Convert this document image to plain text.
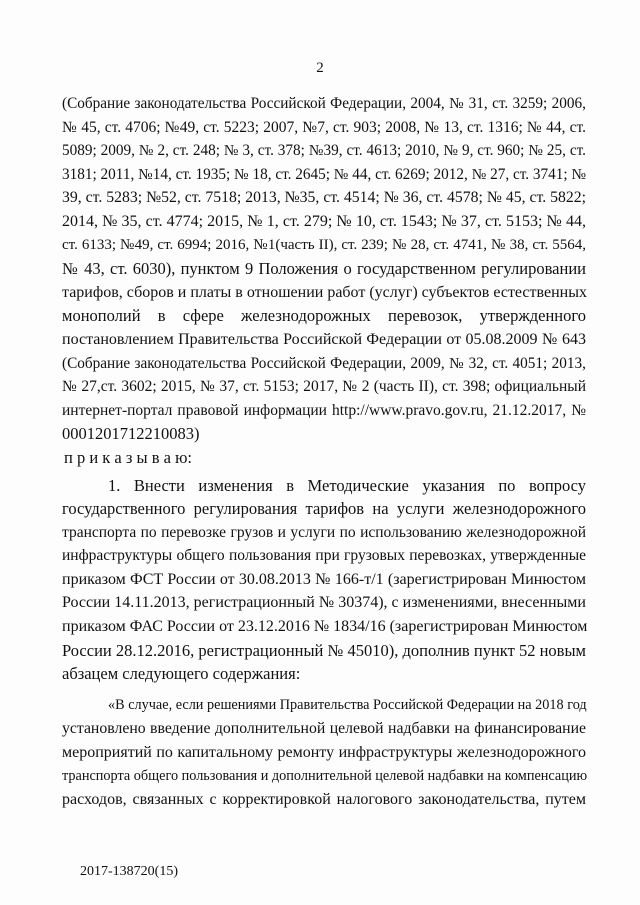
2
(Собрание законодательства Российской Федерации, 2004, № 31, ст. 3259; 2006,
№ 45, ст. 4706; №49, ст. 5223; 2007, №7, ст. 903; 2008, № 13, ст. 1316; № 44, ст.
5089; 2009, № 2, ст. 248; № 3, ст. 378; №39, ст. 4613; 2010, № 9, ст. 960; № 25, ст.
3181; 2011, №14, ст. 1935; № 18, ст. 2645; № 44, ст. 6269; 2012, № 27, ст. 3741; №
39, ст. 5283; №52, ст. 7518; 2013, №35, ст. 4514; № 36, ст. 4578; № 45, ст. 5822;
2014, № 35, ст. 4774; 2015, № 1, ст. 279; № 10, ст. 1543; № 37, ст. 5153; № 44,
ст. 6133; №49, ст. 6994; 2016, №1(часть II), ст. 239; № 28, ст. 4741, № 38, ст. 5564,
№ 43, ст. 6030), пунктом 9 Положения о государственном регулировании
тарифов, сборов и платы в отношении работ (услуг) субъектов естественных
монополий в сфере железнодорожных перевозок, утвержденного
постановлением Правительства Российской Федерации от 05.08.2009 № 643
(Собрание законодательства Российской Федерации, 2009, № 32, ст. 4051; 2013,
№ 27,ст. 3602; 2015, № 37, ст. 5153; 2017, № 2 (часть II), ст. 398; официальный
интернет-портал правовой информации http://www.pravo.gov.ru, 21.12.2017, №
0001201712210083)
п р и к а з ы в а ю:
1. Внести изменения в Методические указания по вопросу
государственного регулирования тарифов на услуги железнодорожного
транспорта по перевозке грузов и услуги по использованию железнодорожной
инфраструктуры общего пользования при грузовых перевозках, утвержденные
приказом ФСТ России от 30.08.2013 № 166-т/1 (зарегистрирован Минюстом
России 14.11.2013, регистрационный № 30374), с изменениями, внесенными
приказом ФАС России от 23.12.2016 № 1834/16 (зарегистрирован Минюстом
России 28.12.2016, регистрационный № 45010), дополнив пункт 52 новым
абзацем следующего содержания:
«В случае, если решениями Правительства Российской Федерации на 2018 год
установлено введение дополнительной целевой надбавки на финансирование
мероприятий по капитальному ремонту инфраструктуры железнодорожного
транспорта общего пользования и дополнительной целевой надбавки на компенсацию
расходов, связанных с корректировкой налогового законодательства, путем
2017-138720(15)
